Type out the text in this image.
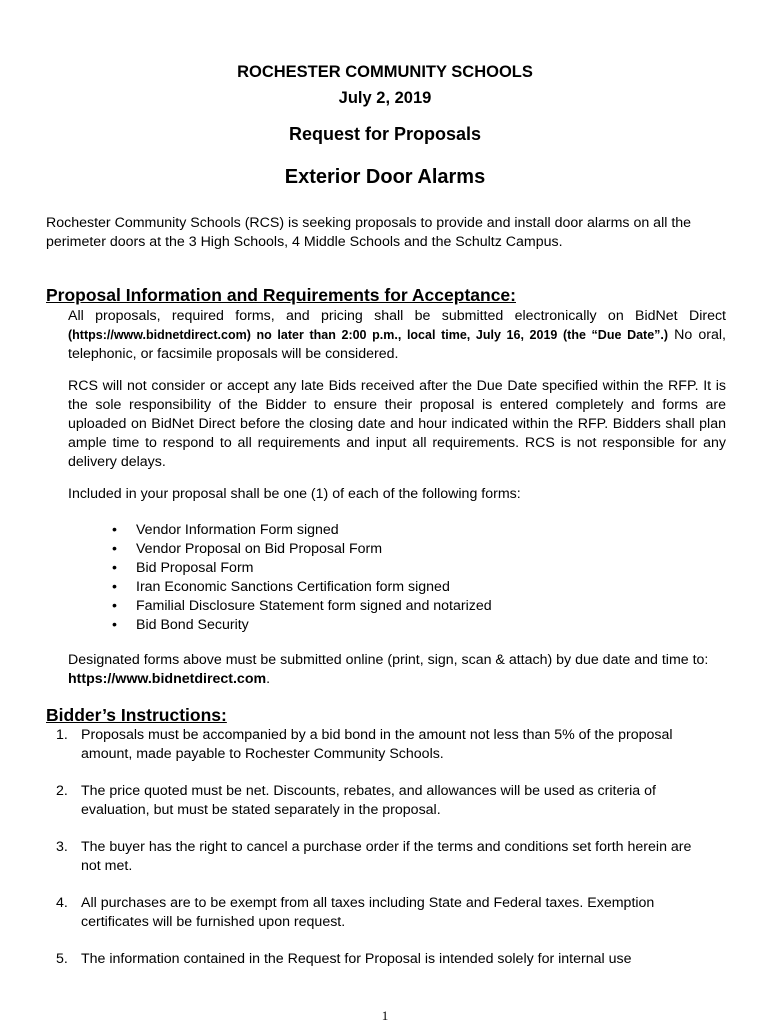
ROCHESTER COMMUNITY SCHOOLS
July 2, 2019
Request for Proposals
Exterior Door Alarms
Rochester Community Schools (RCS) is seeking proposals to provide and install door alarms on all the perimeter doors at the 3 High Schools, 4 Middle Schools and the Schultz Campus.
Proposal Information and Requirements for Acceptance:
All proposals, required forms, and pricing shall be submitted electronically on BidNet Direct (https://www.bidnetdirect.com) no later than 2:00 p.m., local time, July 16, 2019 (the “Due Date”.) No oral, telephonic, or facsimile proposals will be considered.
RCS will not consider or accept any late Bids received after the Due Date specified within the RFP. It is the sole responsibility of the Bidder to ensure their proposal is entered completely and forms are uploaded on BidNet Direct before the closing date and hour indicated within the RFP. Bidders shall plan ample time to respond to all requirements and input all requirements. RCS is not responsible for any delivery delays.
Included in your proposal shall be one (1) of each of the following forms:
• Vendor Information Form signed
• Vendor Proposal on Bid Proposal Form
• Bid Proposal Form
• Iran Economic Sanctions Certification form signed
• Familial Disclosure Statement form signed and notarized
• Bid Bond Security
Designated forms above must be submitted online (print, sign, scan & attach) by due date and time to: https://www.bidnetdirect.com.
Bidder’s Instructions:
1. Proposals must be accompanied by a bid bond in the amount not less than 5% of the proposal amount, made payable to Rochester Community Schools.
2. The price quoted must be net. Discounts, rebates, and allowances will be used as criteria of evaluation, but must be stated separately in the proposal.
3. The buyer has the right to cancel a purchase order if the terms and conditions set forth herein are not met.
4. All purchases are to be exempt from all taxes including State and Federal taxes. Exemption certificates will be furnished upon request.
5. The information contained in the Request for Proposal is intended solely for internal use
1
